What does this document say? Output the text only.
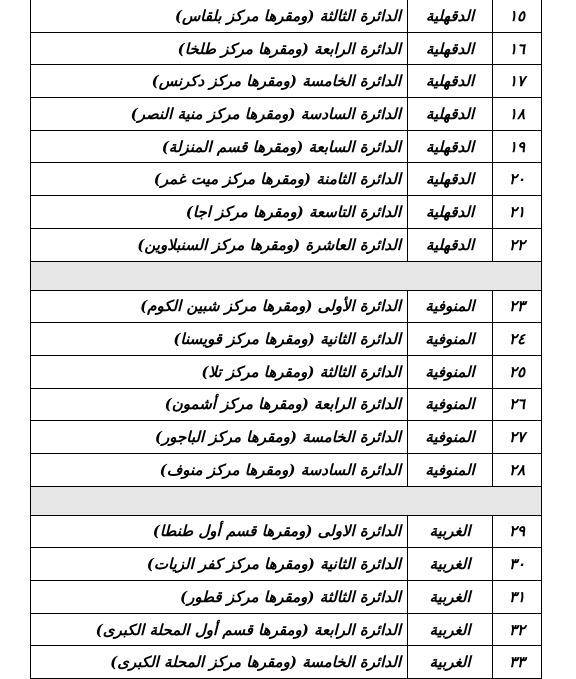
١٥	الدقهلية	الدائرة الثالثة (ومقرها مركز بلقاس)
١٦	الدقهلية	الدائرة الرابعة (ومقرها مركز طلخا)
١٧	الدقهلية	الدائرة الخامسة (ومقرها مركز دكرنس)
١٨	الدقهلية	الدائرة السادسة (ومقرها مركز منية النصر)
١٩	الدقهلية	الدائرة السابعة (ومقرها قسم المنزلة)
٢٠	الدقهلية	الدائرة الثامنة (ومقرها مركز ميت غمر)
٢١	الدقهلية	الدائرة التاسعة (ومقرها مركز اجا)
٢٢	الدقهلية	الدائرة العاشرة (ومقرها مركز السنبلاوين)

٢٣	المنوفية	الدائرة الأولى (ومقرها مركز شبين الكوم)
٢٤	المنوفية	الدائرة الثانية (ومقرها مركز قويسنا)
٢٥	المنوفية	الدائرة الثالثة (ومقرها مركز تلا)
٢٦	المنوفية	الدائرة الرابعة (ومقرها مركز أشمون)
٢٧	المنوفية	الدائرة الخامسة (ومقرها مركز الباجور)
٢٨	المنوفية	الدائرة السادسة (ومقرها مركز منوف)

٢٩	الغربية	الدائرة الاولى (ومقرها قسم أول طنطا)
٣٠	الغربية	الدائرة الثانية (ومقرها مركز كفر الزيات)
٣١	الغربية	الدائرة الثالثة (ومقرها مركز قطور)
٣٢	الغربية	الدائرة الرابعة (ومقرها قسم أول المحلة الكبرى)
٣٣	الغربية	الدائرة الخامسة (ومقرها مركز المحلة الكبرى)
